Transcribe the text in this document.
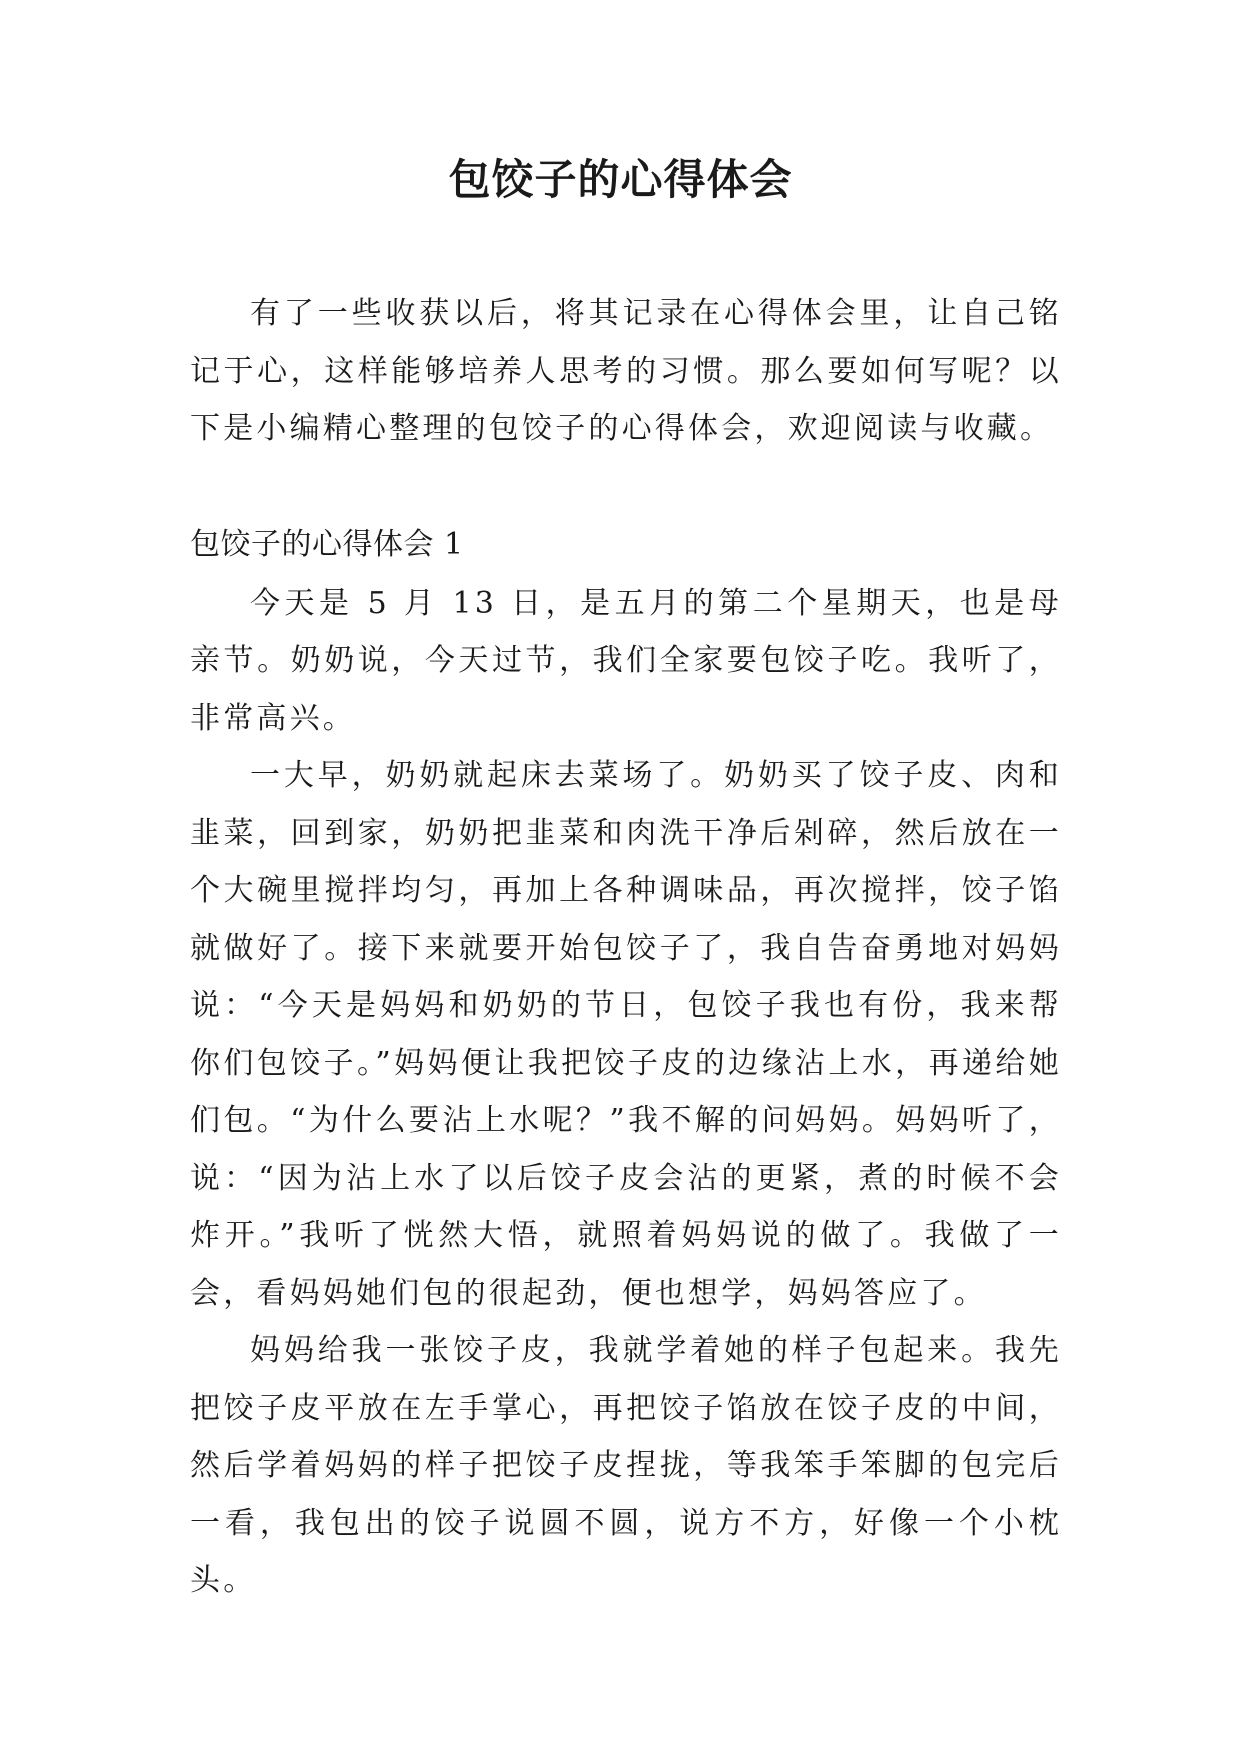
包饺子的心得体会

有了一些收获以后，将其记录在心得体会里，让自己铭记于心，这样能够培养人思考的习惯。那么要如何写呢？以下是小编精心整理的包饺子的心得体会，欢迎阅读与收藏。

包饺子的心得体会 1

今天是 5 月 13 日，是五月的第二个星期天，也是母亲节。奶奶说，今天过节，我们全家要包饺子吃。我听了，非常高兴。

一大早，奶奶就起床去菜场了。奶奶买了饺子皮、肉和韭菜，回到家，奶奶把韭菜和肉洗干净后剁碎，然后放在一个大碗里搅拌均匀，再加上各种调味品，再次搅拌，饺子馅就做好了。接下来就要开始包饺子了，我自告奋勇地对妈妈说：“今天是妈妈和奶奶的节日，包饺子我也有份，我来帮你们包饺子。”妈妈便让我把饺子皮的边缘沾上水，再递给她们包。“为什么要沾上水呢？”我不解的问妈妈。妈妈听了，说：“因为沾上水了以后饺子皮会沾的更紧，煮的时候不会炸开。”我听了恍然大悟，就照着妈妈说的做了。我做了一会，看妈妈她们包的很起劲，便也想学，妈妈答应了。

妈妈给我一张饺子皮，我就学着她的样子包起来。我先把饺子皮平放在左手掌心，再把饺子馅放在饺子皮的中间，然后学着妈妈的样子把饺子皮捏拢，等我笨手笨脚的包完后一看，我包出的饺子说圆不圆，说方不方，好像一个小枕头。
